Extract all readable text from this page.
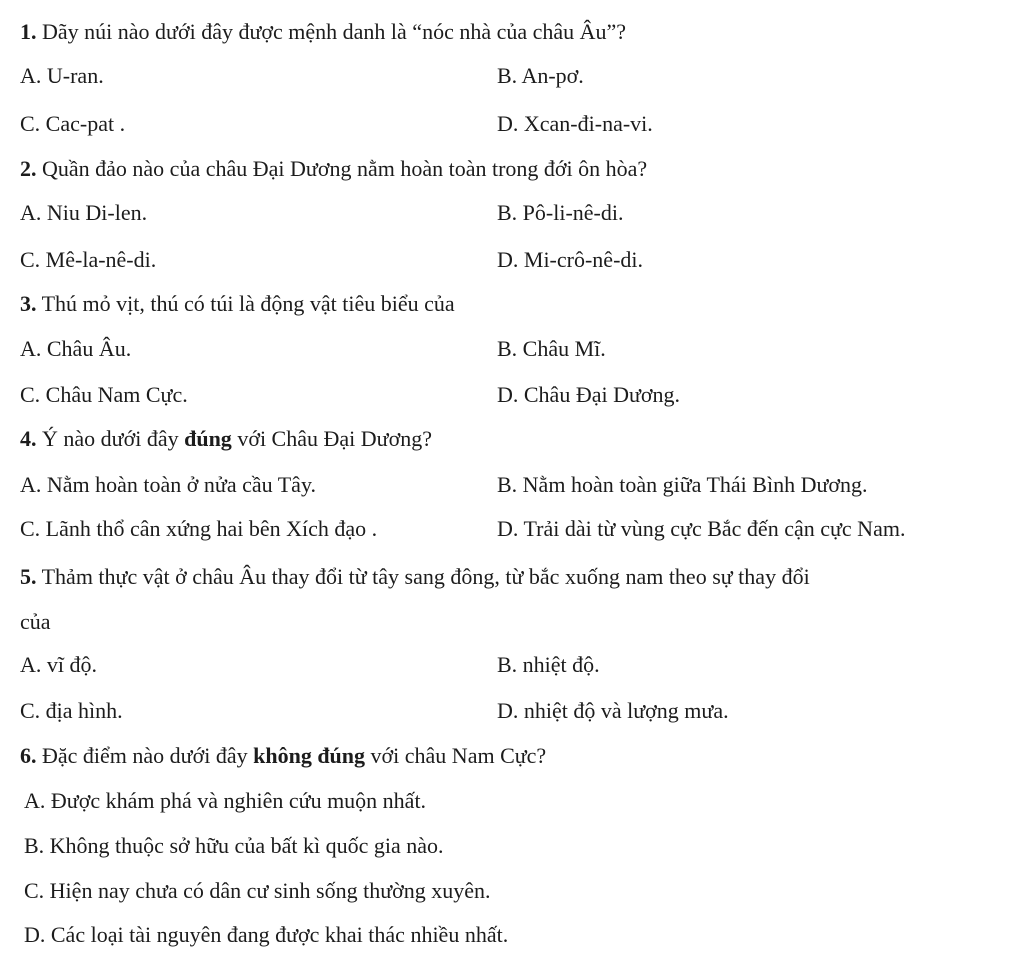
1. Dãy núi nào dưới đây được mệnh danh là “nóc nhà của châu Âu”?
A. U-ran.	B. An-pơ.
C. Cac-pat .	D. Xcan-đi-na-vi.
2. Quần đảo nào của châu Đại Dương nằm hoàn toàn trong đới ôn hòa?
A. Niu Di-len.	B. Pô-li-nê-di.
C. Mê-la-nê-di.	D. Mi-crô-nê-di.
3. Thú mỏ vịt, thú có túi là động vật tiêu biểu của
A. Châu Âu.	B. Châu Mĩ.
C. Châu Nam Cực.	D. Châu Đại Dương.
4. Ý nào dưới đây đúng với Châu Đại Dương?
A. Nằm hoàn toàn ở nửa cầu Tây.	B. Nằm hoàn toàn giữa Thái Bình Dương.
C. Lãnh thổ cân xứng hai bên Xích đạo .	D. Trải dài từ vùng cực Bắc đến cận cực Nam.
5. Thảm thực vật ở châu Âu thay đổi từ tây sang đông, từ bắc xuống nam theo sự thay đổi
của
A. vĩ độ.	B. nhiệt độ.
C. địa hình.	D. nhiệt độ và lượng mưa.
6. Đặc điểm nào dưới đây không đúng với châu Nam Cực?
A. Được khám phá và nghiên cứu muộn nhất.
B. Không thuộc sở hữu của bất kì quốc gia nào.
C. Hiện nay chưa có dân cư sinh sống thường xuyên.
D. Các loại tài nguyên đang được khai thác nhiều nhất.
